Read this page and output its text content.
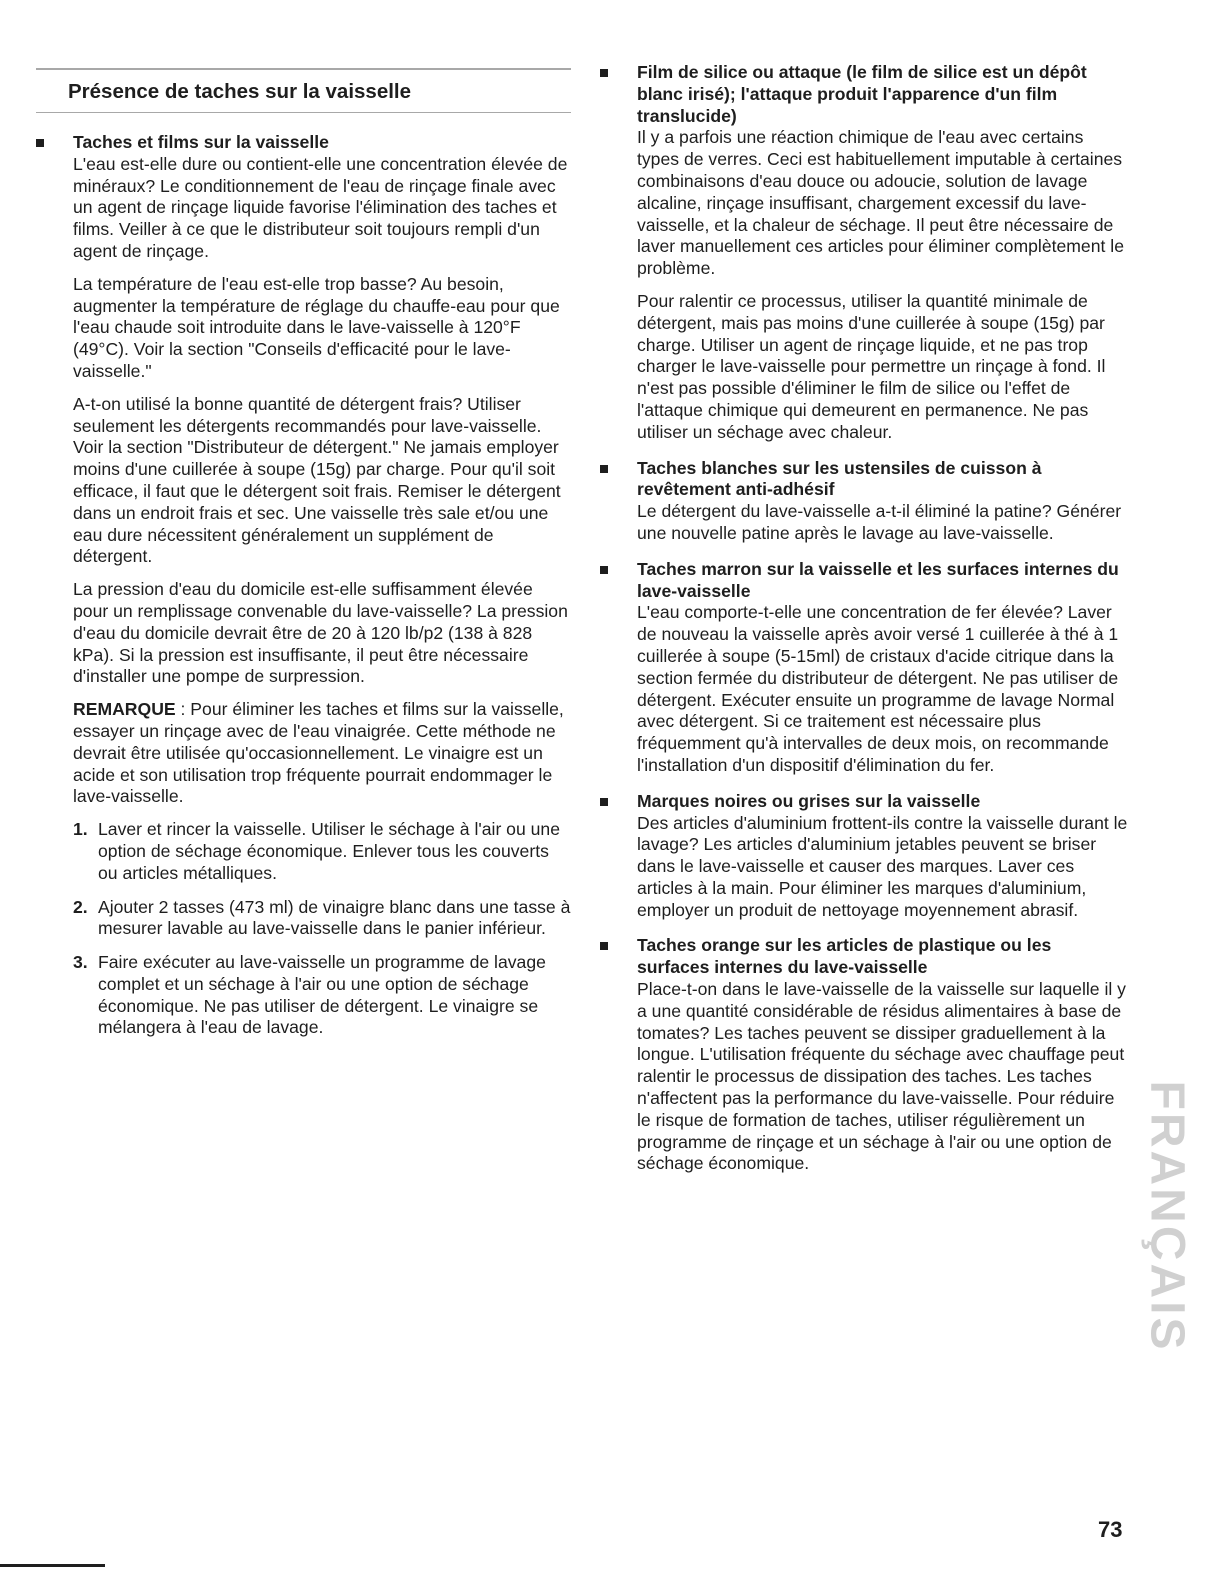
Présence de taches sur la vaisselle
Taches et films sur la vaisselle

L'eau est-elle dure ou contient-elle une concentration élevée de minéraux? Le conditionnement de l'eau de rinçage finale avec un agent de rinçage liquide favorise l'élimination des taches et films. Veiller à ce que le distributeur soit toujours rempli d'un agent de rinçage.

La température de l'eau est-elle trop basse? Au besoin, augmenter la température de réglage du chauffe-eau pour que l'eau chaude soit introduite dans le lave-vaisselle à 120°F (49°C). Voir la section "Conseils d'efficacité pour le lave-vaisselle."

A-t-on utilisé la bonne quantité de détergent frais? Utiliser seulement les détergents recommandés pour lave-vaisselle. Voir la section "Distributeur de détergent." Ne jamais employer moins d'une cuillerée à soupe (15g) par charge. Pour qu'il soit efficace, il faut que le détergent soit frais. Remiser le détergent dans un endroit frais et sec. Une vaisselle très sale et/ou une eau dure nécessitent généralement un supplément de détergent.

La pression d'eau du domicile est-elle suffisamment élevée pour un remplissage convenable du lave-vaisselle? La pression d'eau du domicile devrait être de 20 à 120 lb/p2 (138 à 828 kPa). Si la pression est insuffisante, il peut être nécessaire d'installer une pompe de surpression.

REMARQUE : Pour éliminer les taches et films sur la vaisselle, essayer un rinçage avec de l'eau vinaigrée. Cette méthode ne devrait être utilisée qu'occasionnellement. Le vinaigre est un acide et son utilisation trop fréquente pourrait endommager le lave-vaisselle.

1. Laver et rincer la vaisselle. Utiliser le séchage à l'air ou une option de séchage économique. Enlever tous les couverts ou articles métalliques.
2. Ajouter 2 tasses (473 ml) de vinaigre blanc dans une tasse à mesurer lavable au lave-vaisselle dans le panier inférieur.
3. Faire exécuter au lave-vaisselle un programme de lavage complet et un séchage à l'air ou une option de séchage économique. Ne pas utiliser de détergent. Le vinaigre se mélangera à l'eau de lavage.
Film de silice ou attaque (le film de silice est un dépôt blanc irisé); l'attaque produit l'apparence d'un film translucide)

Il y a parfois une réaction chimique de l'eau avec certains types de verres. Ceci est habituellement imputable à certaines combinaisons d'eau douce ou adoucie, solution de lavage alcaline, rinçage insuffisant, chargement excessif du lave-vaisselle, et la chaleur de séchage. Il peut être nécessaire de laver manuellement ces articles pour éliminer complètement le problème.

Pour ralentir ce processus, utiliser la quantité minimale de détergent, mais pas moins d'une cuillerée à soupe (15g) par charge. Utiliser un agent de rinçage liquide, et ne pas trop charger le lave-vaisselle pour permettre un rinçage à fond. Il n'est pas possible d'éliminer le film de silice ou l'effet de l'attaque chimique qui demeurent en permanence. Ne pas utiliser un séchage avec chaleur.

Taches blanches sur les ustensiles de cuisson à revêtement anti-adhésif

Le détergent du lave-vaisselle a-t-il éliminé la patine? Générer une nouvelle patine après le lavage au lave-vaisselle.

Taches marron sur la vaisselle et les surfaces internes du lave-vaisselle

L'eau comporte-t-elle une concentration de fer élevée? Laver de nouveau la vaisselle après avoir versé 1 cuillerée à thé à 1 cuillerée à soupe (5-15ml) de cristaux d'acide citrique dans la section fermée du distributeur de détergent. Ne pas utiliser de détergent. Exécuter ensuite un programme de lavage Normal avec détergent. Si ce traitement est nécessaire plus fréquemment qu'à intervalles de deux mois, on recommande l'installation d'un dispositif d'élimination du fer.

Marques noires ou grises sur la vaisselle

Des articles d'aluminium frottent-ils contre la vaisselle durant le lavage? Les articles d'aluminium jetables peuvent se briser dans le lave-vaisselle et causer des marques. Laver ces articles à la main. Pour éliminer les marques d'aluminium, employer un produit de nettoyage moyennement abrasif.

Taches orange sur les articles de plastique ou les surfaces internes du lave-vaisselle

Place-t-on dans le lave-vaisselle de la vaisselle sur laquelle il y a une quantité considérable de résidus alimentaires à base de tomates? Les taches peuvent se dissiper graduellement à la longue. L'utilisation fréquente du séchage avec chauffage peut ralentir le processus de dissipation des taches. Les taches n'affectent pas la performance du lave-vaisselle. Pour réduire le risque de formation de taches, utiliser régulièrement un programme de rinçage et un séchage à l'air ou une option de séchage économique.	FRANÇAIS
73
